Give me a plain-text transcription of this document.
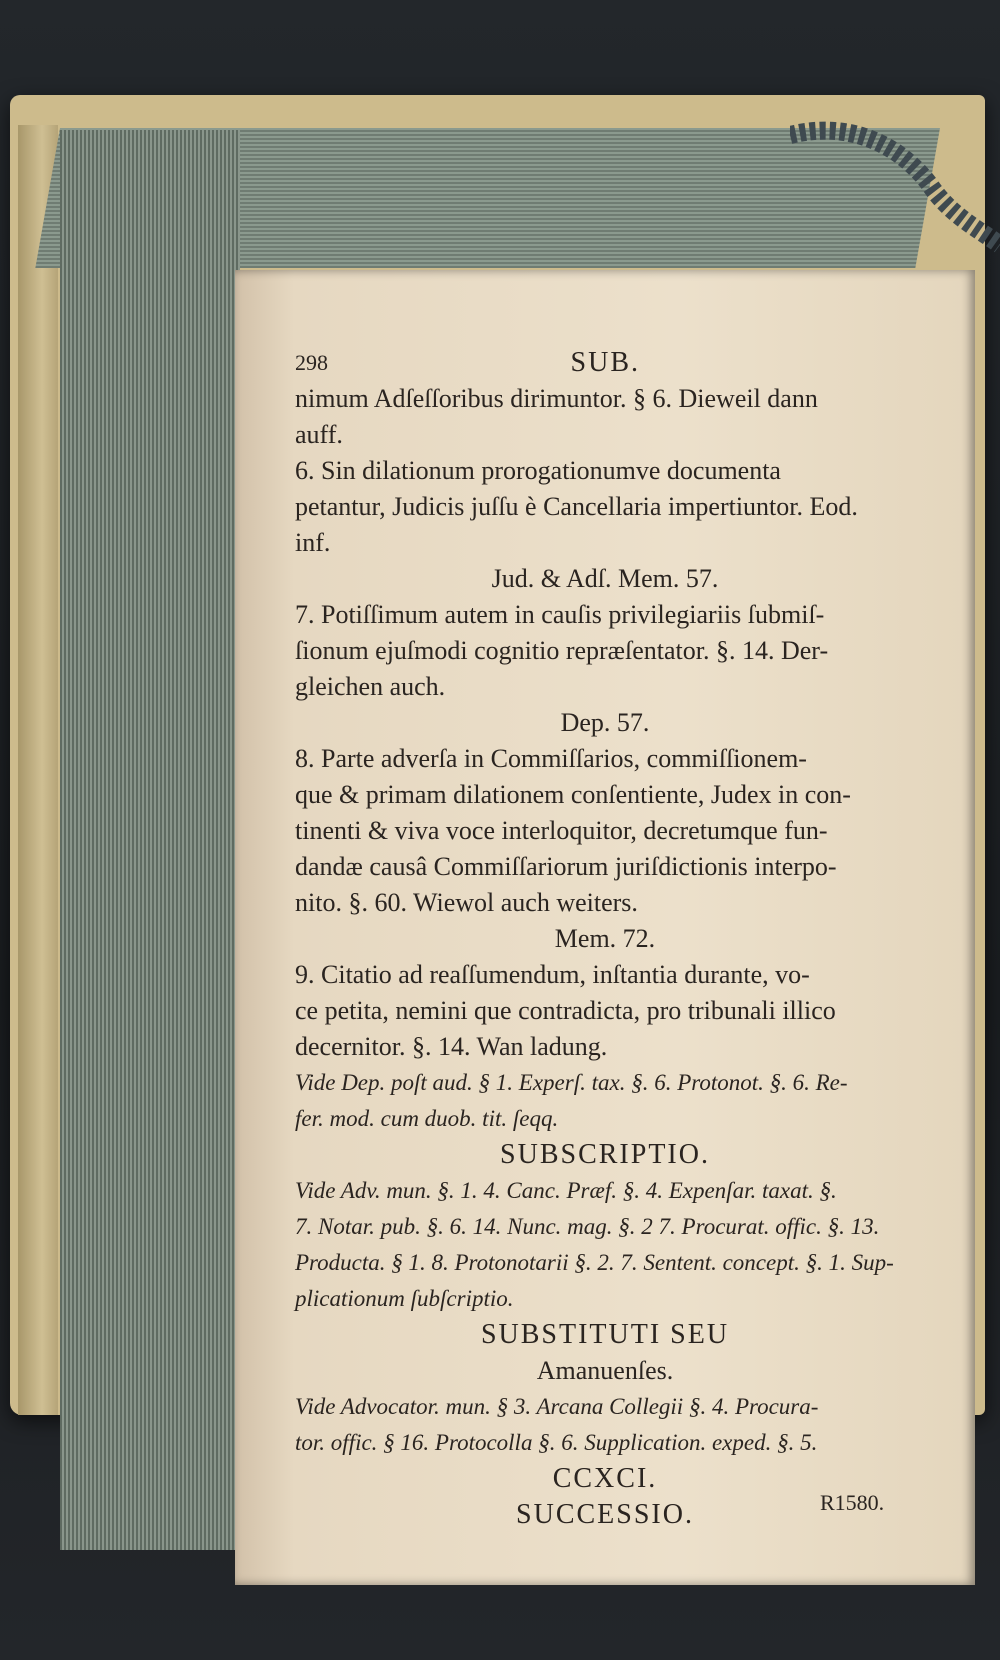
298	SUB.
nimum Adſeſſoribus dirimuntor. § 6. Dieweil dann
auff.
6. Sin dilationum prorogationumve documenta
petantur, Judicis juſſu è Cancellaria impertiuntor. Eod.
inf.
Jud. & Adſ. Mem. 57.
7. Potiſſimum autem in cauſis privilegiariis ſubmiſ-
ſionum ejuſmodi cognitio repræſentator. §. 14. Der-
gleichen auch.
Dep. 57.
8. Parte adverſa in Commiſſarios, commiſſionem-
que & primam dilationem conſentiente, Judex in con-
tinenti & viva voce interloquitor, decretumque fun-
dandæ causâ Commiſſariorum juriſdictionis interpo-
nito. §. 60. Wiewol auch weiters.
Mem. 72.
9. Citatio ad reaſſumendum, inſtantia durante, vo-
ce petita, nemini que contradicta, pro tribunali illico
decernitor. §. 14. Wan ladung.
Vide Dep. poſt aud. § 1. Experſ. tax. §. 6. Protonot. §. 6. Re-
fer. mod. cum duob. tit. ſeqq.
SUBSCRIPTIO.
Vide Adv. mun. §. 1. 4. Canc. Præf. §. 4. Expenſar. taxat. §.
7. Notar. pub. §. 6. 14. Nunc. mag. §. 2 7. Procurat. offic. §. 13.
Producta. § 1. 8. Protonotarii §. 2. 7. Sentent. concept. §. 1. Sup-
plicationum ſubſcriptio.
SUBSTITUTI SEU
Amanuenſes.
Vide Advocator. mun. § 3. Arcana Collegii §. 4. Procura-
tor. offic. § 16. Protocolla §. 6. Supplication. exped. §. 5.
CCXCI.
SUCCESSIO.	R1580.
